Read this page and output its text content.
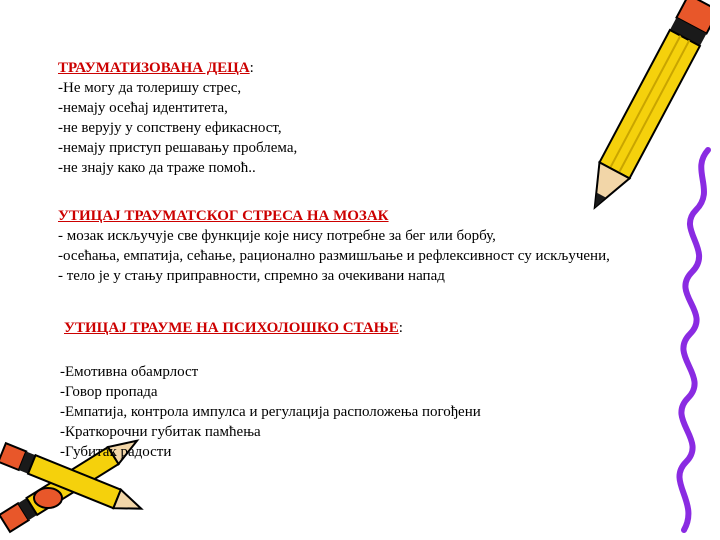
ТРАУМАТИЗОВАНА ДЕЦА:
-Не могу да толеришу стрес,
-немају осећај идентитета,
-не верују у сопствену ефикасност,
-немају приступ решавању проблема,
-не знају како да траже помоћ..
УТИЦАЈ ТРАУМАТСКОГ СТРЕСА НА МОЗАК
- мозак искључује све функције које нису потребне за бег или борбу,
-осећања, емпатија, сећање, рационално размишљање и рефлексивност су искључени,
- тело је у стању приправности, спремно за очекивани напад
УТИЦАЈ ТРАУМЕ НА ПСИХОЛОШКО СТАЊЕ:
-Емотивна обамрлост
-Говор пропада
-Емпатија, контрола импулса и регулација расположења погођени
-Краткорочни губитак памћења
-Губитак радости
